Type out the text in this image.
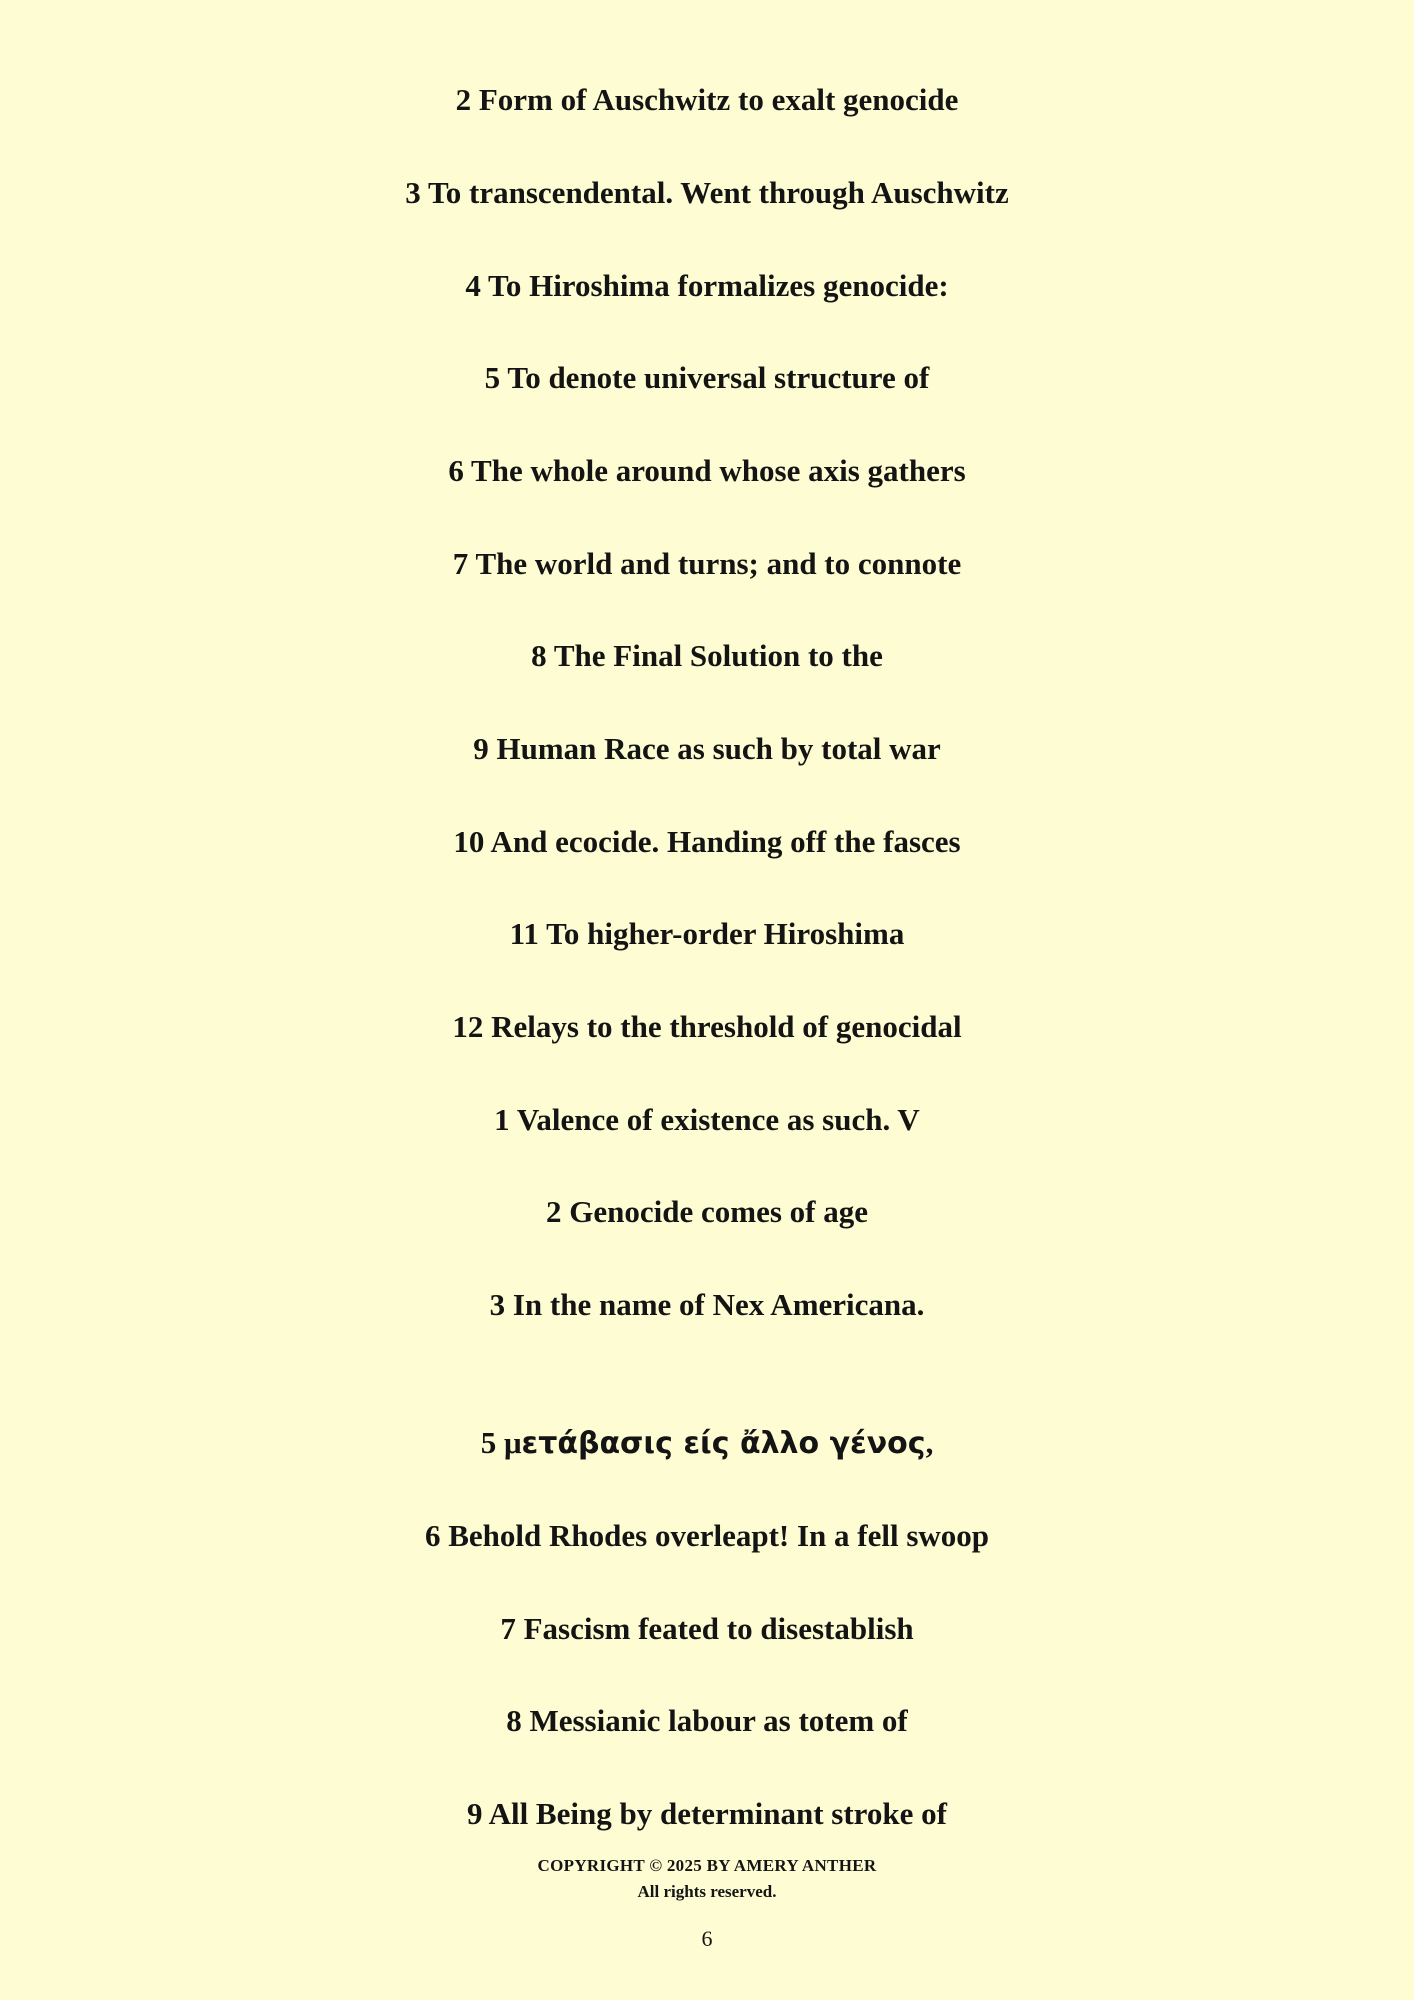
2 Form of Auschwitz to exalt genocide
3 To transcendental. Went through Auschwitz
4 To Hiroshima formalizes genocide:
5 To denote universal structure of
6 The whole around whose axis gathers
7 The world and turns; and to connote
8 The Final Solution to the
9 Human Race as such by total war
10 And ecocide. Handing off the fasces
11 To higher-order Hiroshima
12 Relays to the threshold of genocidal
1 Valence of existence as such. V
2 Genocide comes of age
3 In the name of Nex Americana.
5 μετάβασις είς ἄλλο γένος,
6 Behold Rhodes overleapt! In a fell swoop
7 Fascism feated to disestablish
8 Messianic labour as totem of
9 All Being by determinant stroke of
COPYRIGHT © 2025 BY AMERY ANTHER
All rights reserved.
6
